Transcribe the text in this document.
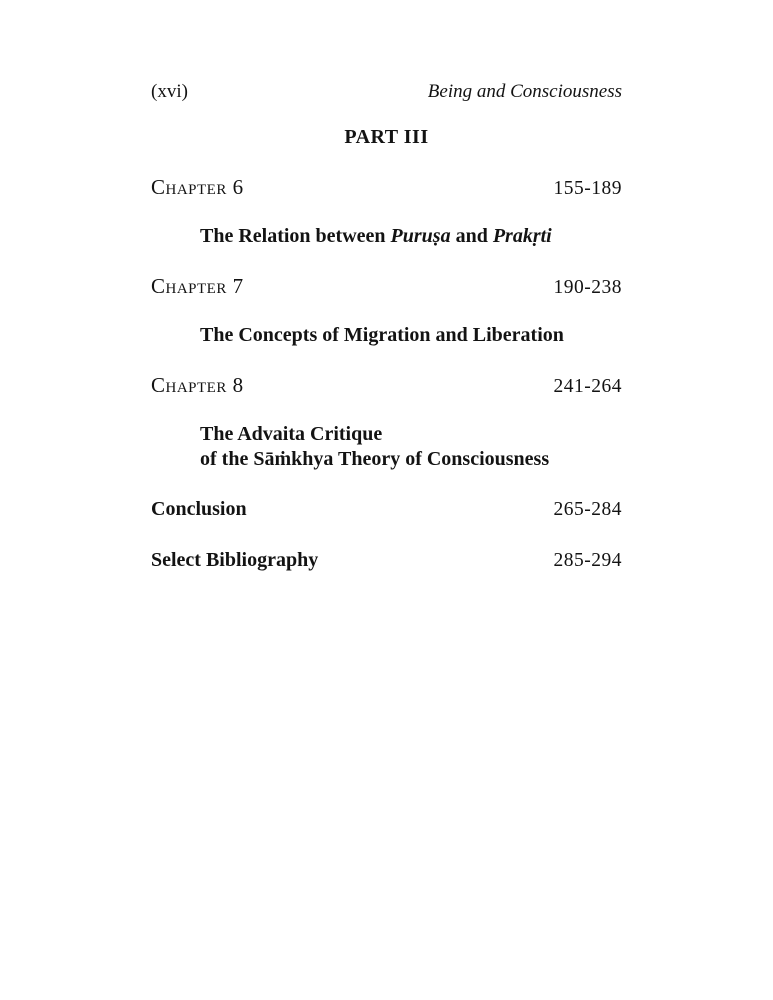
(xvi)	Being and Consciousness
PART III
Chapter 6	155-189
The Relation between Puruṣa and Prakṛti
Chapter 7	190-238
The Concepts of Migration and Liberation
Chapter 8	241-264
The Advaita Critique
of the Sāṁkhya Theory of Consciousness
Conclusion	265-284
Select Bibliography	285-294
